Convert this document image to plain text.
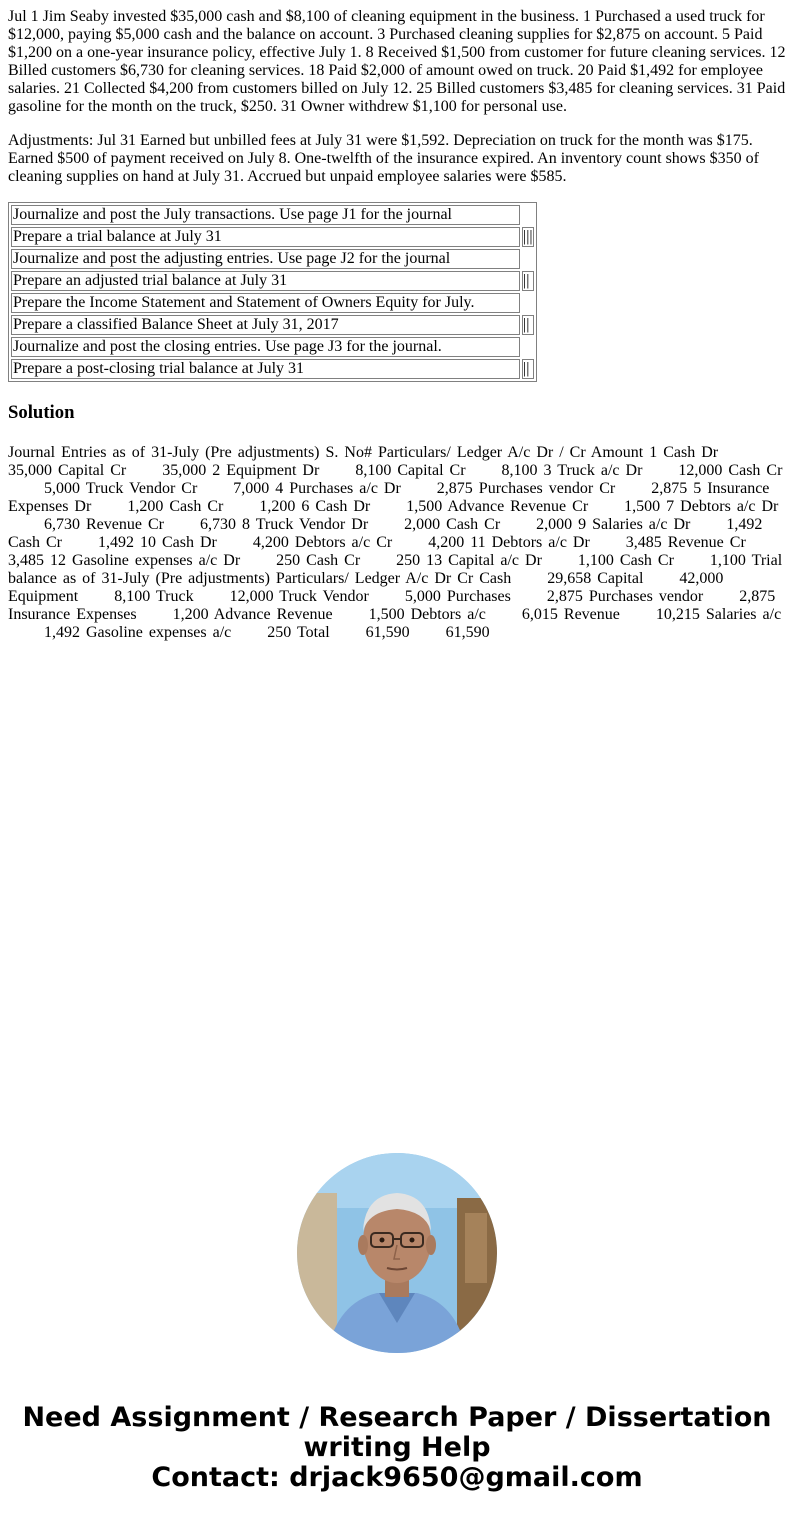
Jul 1 Jim Seaby invested $35,000 cash and $8,100 of cleaning equipment in the business. 1 Purchased a used truck for $12,000, paying $5,000 cash and the balance on account. 3 Purchased cleaning supplies for $2,875 on account. 5 Paid $1,200 on a one-year insurance policy, effective July 1. 8 Received $1,500 from customer for future cleaning services. 12 Billed customers $6,730 for cleaning services. 18 Paid $2,000 of amount owed on truck. 20 Paid $1,492 for employee salaries. 21 Collected $4,200 from customers billed on July 12. 25 Billed customers $3,485 for cleaning services. 31 Paid gasoline for the month on the truck, $250. 31 Owner withdrew $1,100 for personal use.

Adjustments: Jul 31 Earned but unbilled fees at July 31 were $1,592. Depreciation on truck for the month was $175. Earned $500 of payment received on July 8. One-twelfth of the insurance expired. An inventory count shows $350 of cleaning supplies on hand at July 31. Accrued but unpaid employee salaries were $585.

Journalize and post the July transactions. Use page J1 for the journal	
Prepare a trial balance at July 31	|||
Journalize and post the adjusting entries. Use page J2 for the journal	
Prepare an adjusted trial balance at July 31	||
Prepare the Income Statement and Statement of Owners Equity for July.	
Prepare a classified Balance Sheet at July 31, 2017	||
Journalize and post the closing entries. Use page J3 for the journal.	
Prepare a post-closing trial balance at July 31	||
Solution
Journal Entries as of 31-July (Pre adjustments) S. No# Particulars/ Ledger A/c Dr / Cr Amount 1 Cash Dr35,000 Capital Cr 35,000 2 Equipment Dr 8,100 Capital Cr 8,100 3 Truck a/c Dr 12,000 Cash Cr5,000 Truck Vendor Cr 7,000 4 Purchases a/c Dr 2,875 Purchases vendor Cr 2,875 5 Insurance Expenses Dr 1,200 Cash Cr 1,200 6 Cash Dr 1,500 Advance Revenue Cr 1,500 7 Debtors a/c Dr6,730 Revenue Cr 6,730 8 Truck Vendor Dr 2,000 Cash Cr 2,000 9 Salaries a/c Dr 1,492 Cash Cr 1,492 10 Cash Dr 4,200 Debtors a/c Cr 4,200 11 Debtors a/c Dr 3,485 Revenue Cr3,485 12 Gasoline expenses a/c Dr 250 Cash Cr 250 13 Capital a/c Dr 1,100 Cash Cr 1,100 Trial balance as of 31-July (Pre adjustments) Particulars/ Ledger A/c Dr Cr Cash 29,658 Capital 42,000 Equipment 8,100 Truck 12,000 Truck Vendor 5,000 Purchases 2,875 Purchases vendor 2,875 Insurance Expenses 1,200 Advance Revenue 1,500 Debtors a/c 6,015 Revenue 10,215 Salaries a/c1,492 Gasoline expenses a/c 250 Total 61,590 61,590
Need Assignment / Research Paper / Dissertation
writing Help
Contact: drjack9650@gmail.com
